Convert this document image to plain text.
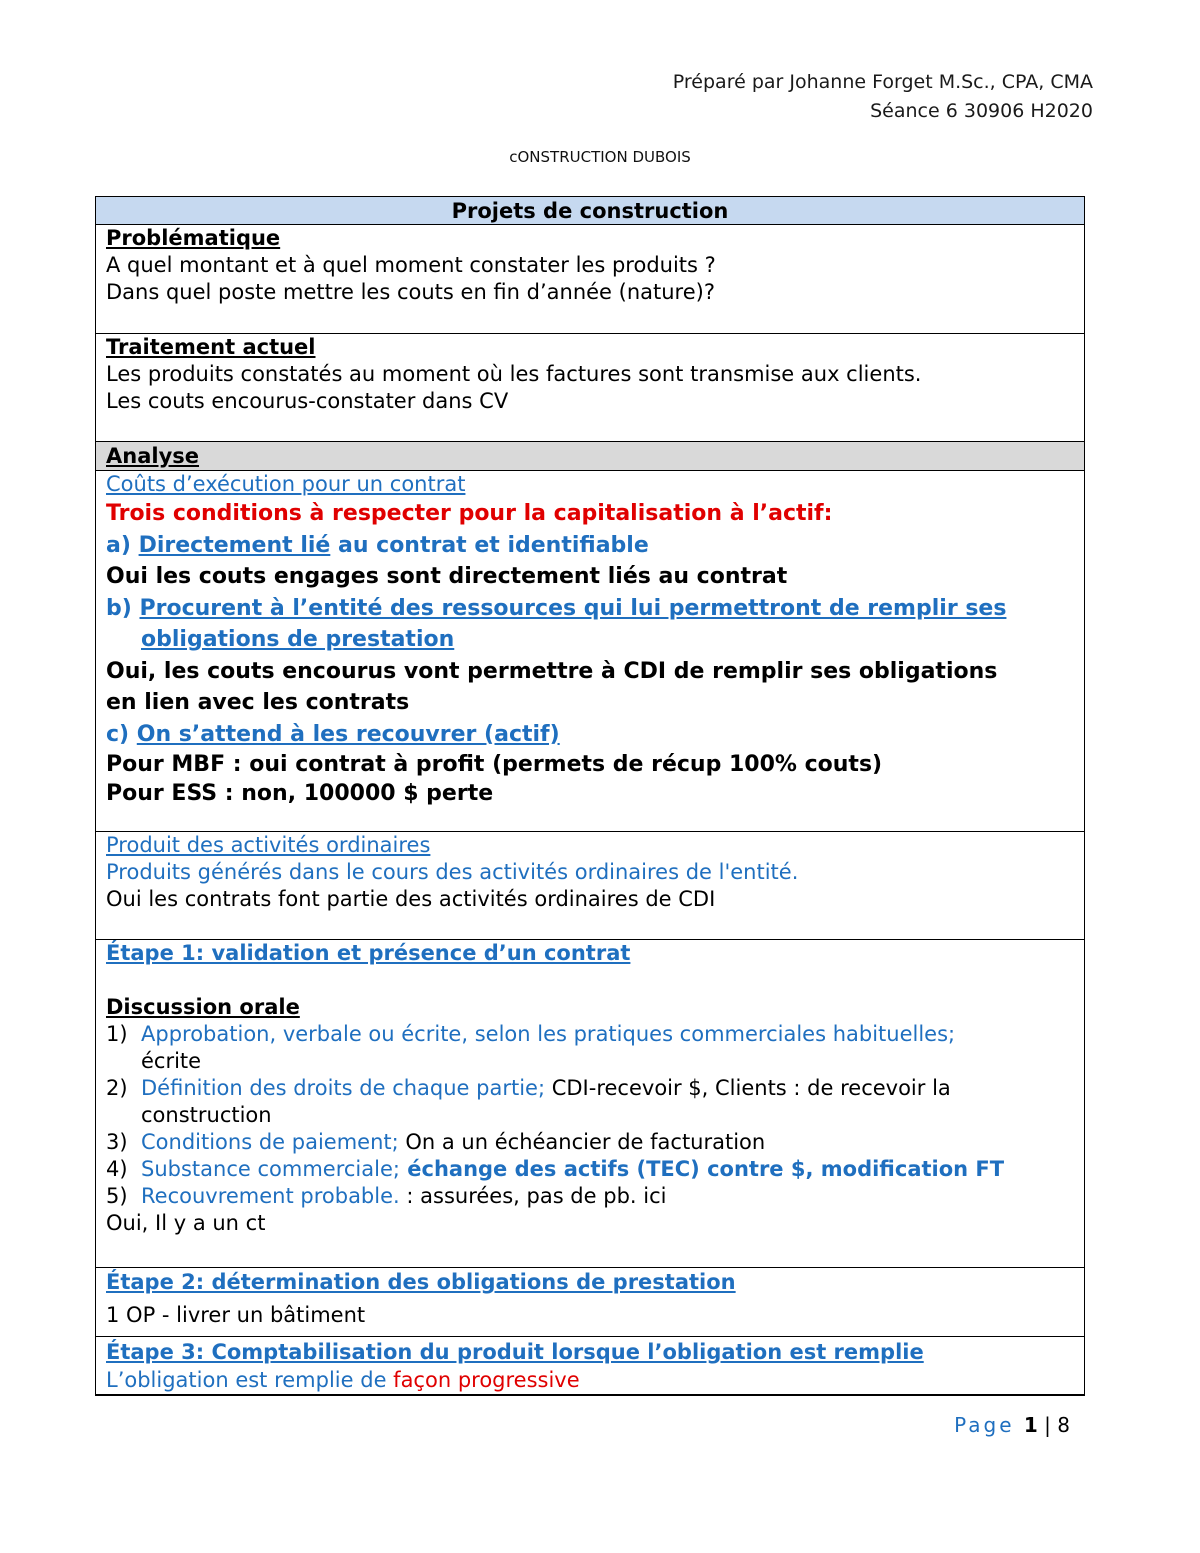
Préparé par Johanne Forget M.Sc., CPA, CMA
Séance 6 30906 H2020
cONSTRUCTION DUBOIS
Projets de construction
Problématique
A quel montant et à quel moment constater les produits ?
Dans quel poste mettre les couts en fin d’année (nature)?
Traitement actuel
Les produits constatés au moment où les factures sont transmise aux clients.
Les couts encourus-constater dans CV
Analyse
Coûts d’exécution pour un contrat
Trois conditions à respecter pour la capitalisation à l’actif:
a) Directement lié au contrat et identifiable
Oui les couts engages sont directement liés au contrat
b) Procurent à l’entité des ressources qui lui permettront de remplir ses
obligations de prestation
Oui, les couts encourus vont permettre à CDI de remplir ses obligations
en lien avec les contrats
c) On s’attend à les recouvrer (actif)
Pour MBF : oui contrat à profit (permets de récup 100% couts)
Pour ESS : non, 100000 $ perte
Produit des activités ordinaires
Produits générés dans le cours des activités ordinaires de l'entité.
Oui les contrats font partie des activités ordinaires de CDI
Étape 1: validation et présence d’un contrat

Discussion orale
1) Approbation, verbale ou écrite, selon les pratiques commerciales habituelles;
écrite
2) Définition des droits de chaque partie; CDI-recevoir $, Clients : de recevoir la construction
3) Conditions de paiement; On a un échéancier de facturation
4) Substance commerciale; échange des actifs (TEC) contre $, modification FT
5) Recouvrement probable. : assurées, pas de pb. ici
Oui, Il y a un ct
Étape 2: détermination des obligations de prestation
1 OP - livrer un bâtiment
Étape 3: Comptabilisation du produit lorsque l’obligation est remplie
L’obligation est remplie de façon progressive
Page 1 | 8
